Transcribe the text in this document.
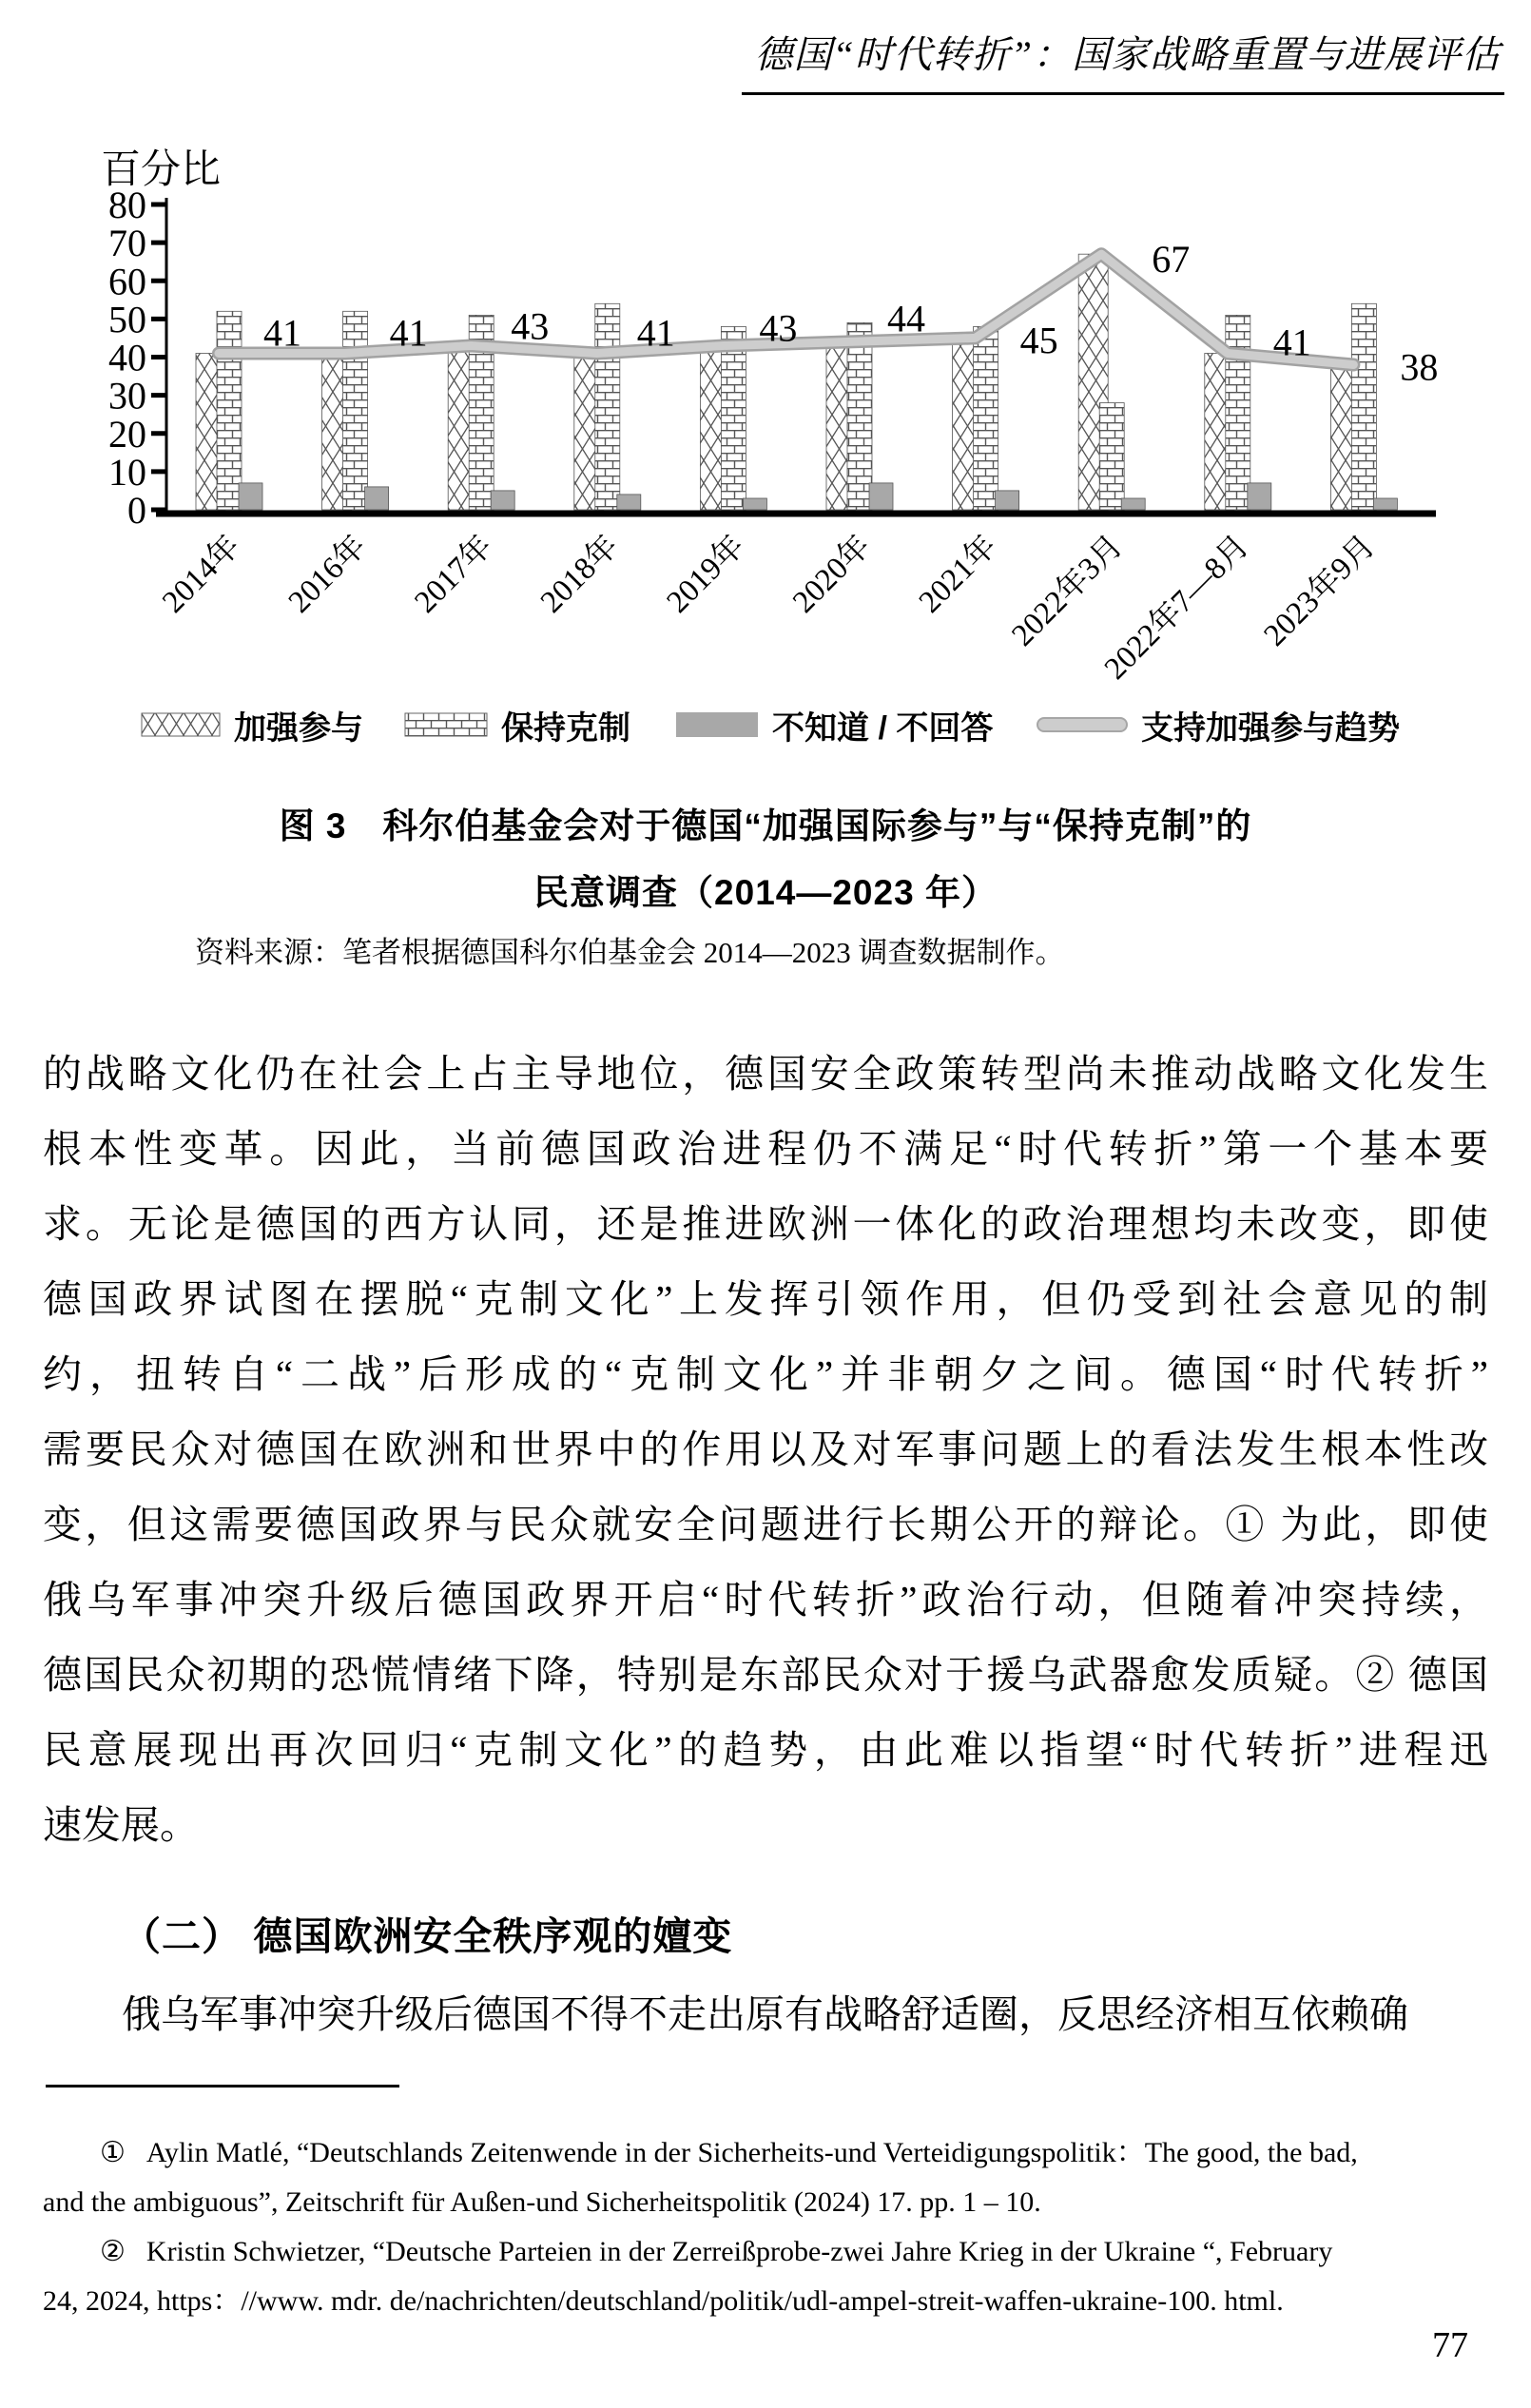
德国“时代转折”：国家战略重置与进展评估
百分比
0
10
20
30
40
50
60
70
80
41 41 43 41 43 44
45
67
41
38
2014年 2016年 2017年 2018年 2019年 2020年 2021年 2022年3月
2022年7—8月 2023年9月
加强参与	保持克制	不知道 / 不回答	支持加强参与趋势
图 3　科尔伯基金会对于德国“加强国际参与”与“保持克制”的
民意调查（2014—2023 年）
资料来源：笔者根据德国科尔伯基金会 2014—2023 调查数据制作。
的战略文化仍在社会上占主导地位，德国安全政策转型尚未推动战略文化发生
根本性变革。因此，当前德国政治进程仍不满足“时代转折”第一个基本要
求。无论是德国的西方认同，还是推进欧洲一体化的政治理想均未改变，即使
德国政界试图在摆脱“克制文化”上发挥引领作用，但仍受到社会意见的制
约，扭转自“二战”后形成的“克制文化”并非朝夕之间。德国“时代转折”
需要民众对德国在欧洲和世界中的作用以及对军事问题上的看法发生根本性改
变，但这需要德国政界与民众就安全问题进行长期公开的辩论。① 为此，即使
俄乌军事冲突升级后德国政界开启“时代转折”政治行动，但随着冲突持续，
德国民众初期的恐慌情绪下降，特别是东部民众对于援乌武器愈发质疑。② 德国
民意展现出再次回归“克制文化”的趋势，由此难以指望“时代转折”进程迅
速发展。
（二） 德国欧洲安全秩序观的嬗变
俄乌军事冲突升级后德国不得不走出原有战略舒适圈，反思经济相互依赖确
① Aylin Matlé, “Deutschlands Zeitenwende in der Sicherheits-und Verteidigungspolitik：The good, the bad,
and the ambiguous”, Zeitschrift für Außen-und Sicherheitspolitik (2024) 17. pp. 1 – 10.
② Kristin Schwietzer, “Deutsche Parteien in der Zerreißprobe-zwei Jahre Krieg in der Ukraine “, February
24, 2024, https：//www. mdr. de/nachrichten/deutschland/politik/udl-ampel-streit-waffen-ukraine-100. html.
77
